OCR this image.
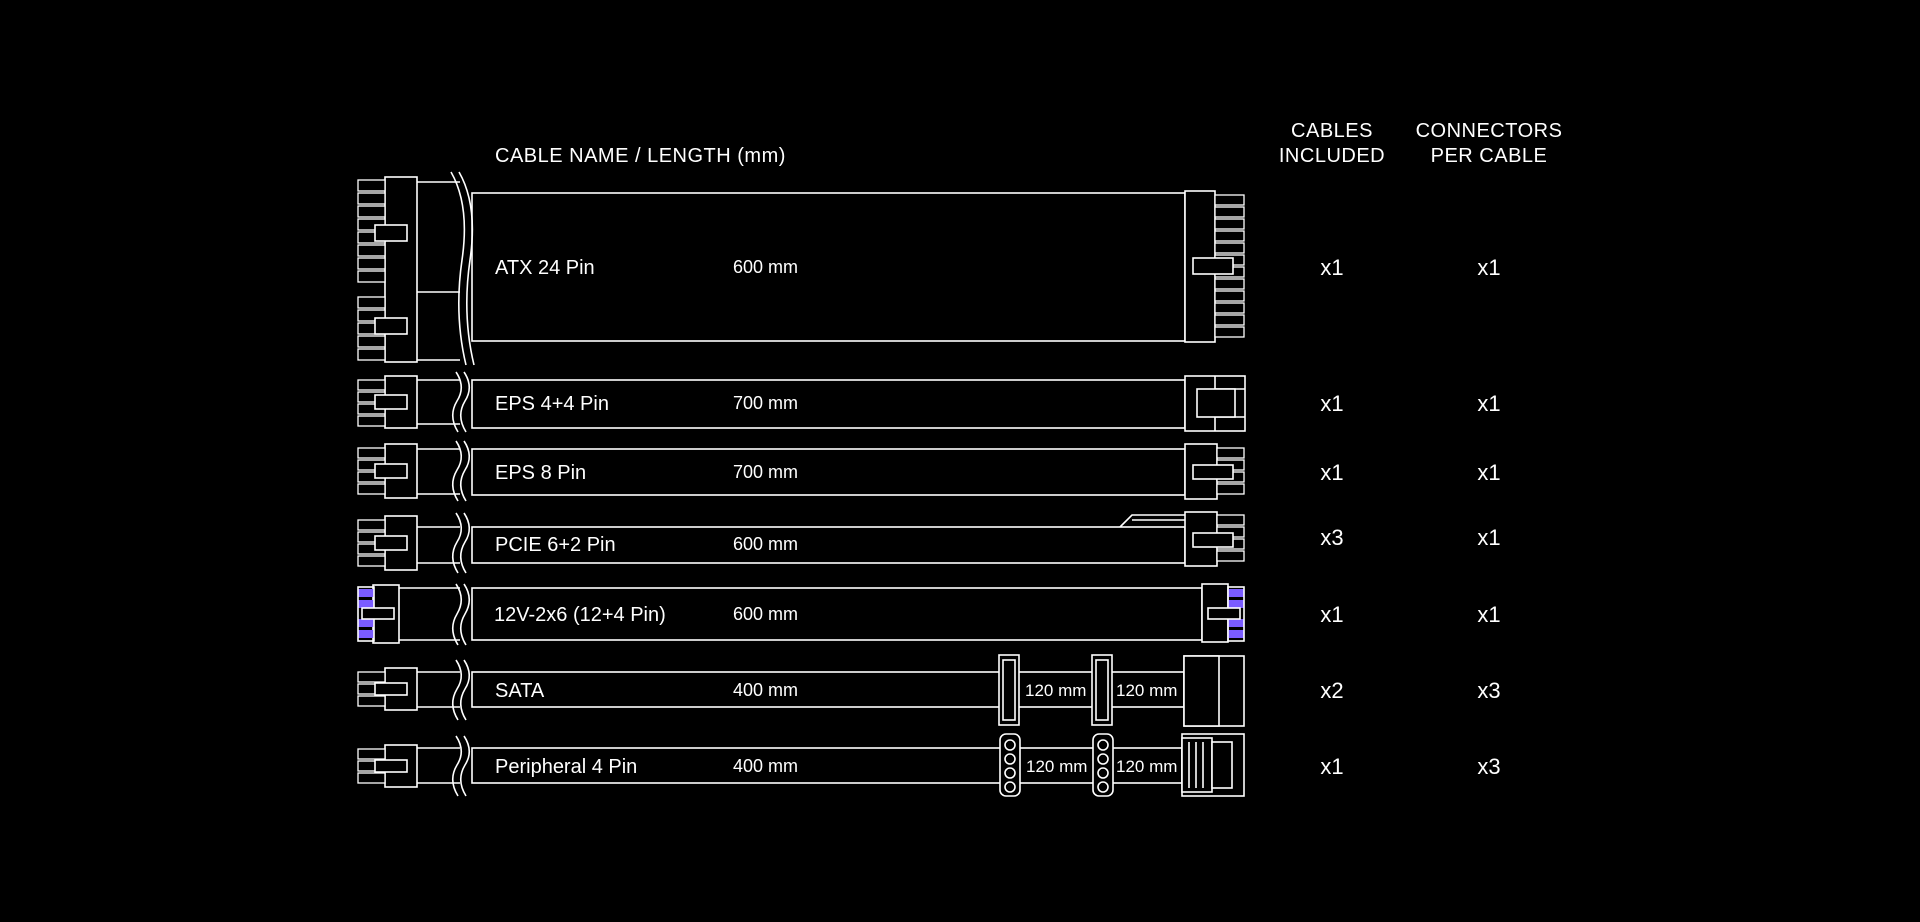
CABLE NAME / LENGTH (mm)
CABLES
INCLUDED
CONNECTORS
PER CABLE
ATX 24 Pin	600 mm	x1	x1
EPS 4+4 Pin	700 mm	x1	x1
EPS 8 Pin	700 mm	x1	x1
PCIE 6+2 Pin	600 mm	x3	x1
12V-2x6 (12+4 Pin)	600 mm	x1	x1
120 mm 120 mm
SATA	400 mm	x2	x3
120 mm 120 mm
Peripheral 4 Pin	400 mm	x1	x3
